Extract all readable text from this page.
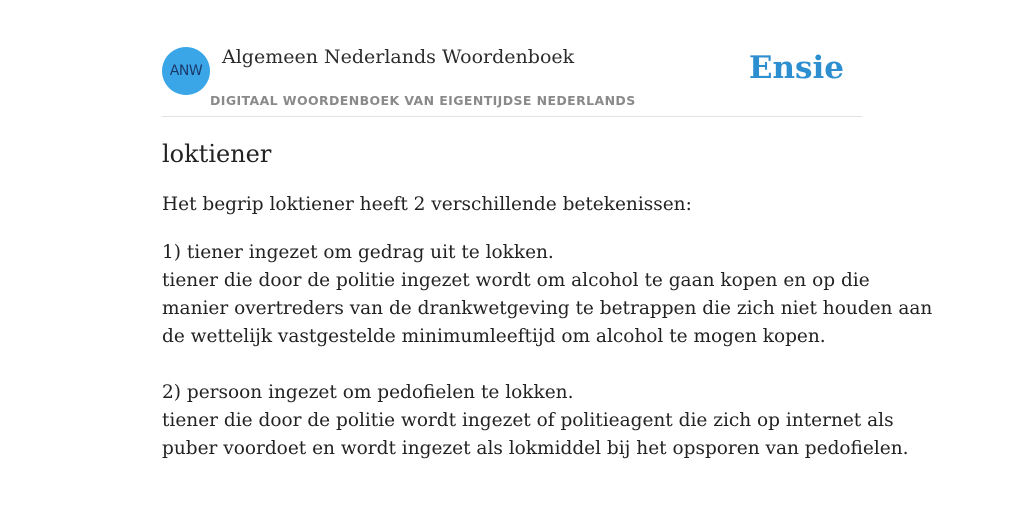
ANW
Algemeen Nederlands Woordenboek
DIGITAAL WOORDENBOEK VAN EIGENTIJDSE NEDERLANDS
Ensie
loktiener

Het begrip loktiener heeft 2 verschillende betekenissen:

1) tiener ingezet om gedrag uit te lokken.
tiener die door de politie ingezet wordt om alcohol te gaan kopen en op die
manier overtreders van de drankwetgeving te betrappen die zich niet houden aan
de wettelijk vastgestelde minimumleeftijd om alcohol te mogen kopen.

2) persoon ingezet om pedofielen te lokken.
tiener die door de politie wordt ingezet of politieagent die zich op internet als
puber voordoet en wordt ingezet als lokmiddel bij het opsporen van pedofielen.
